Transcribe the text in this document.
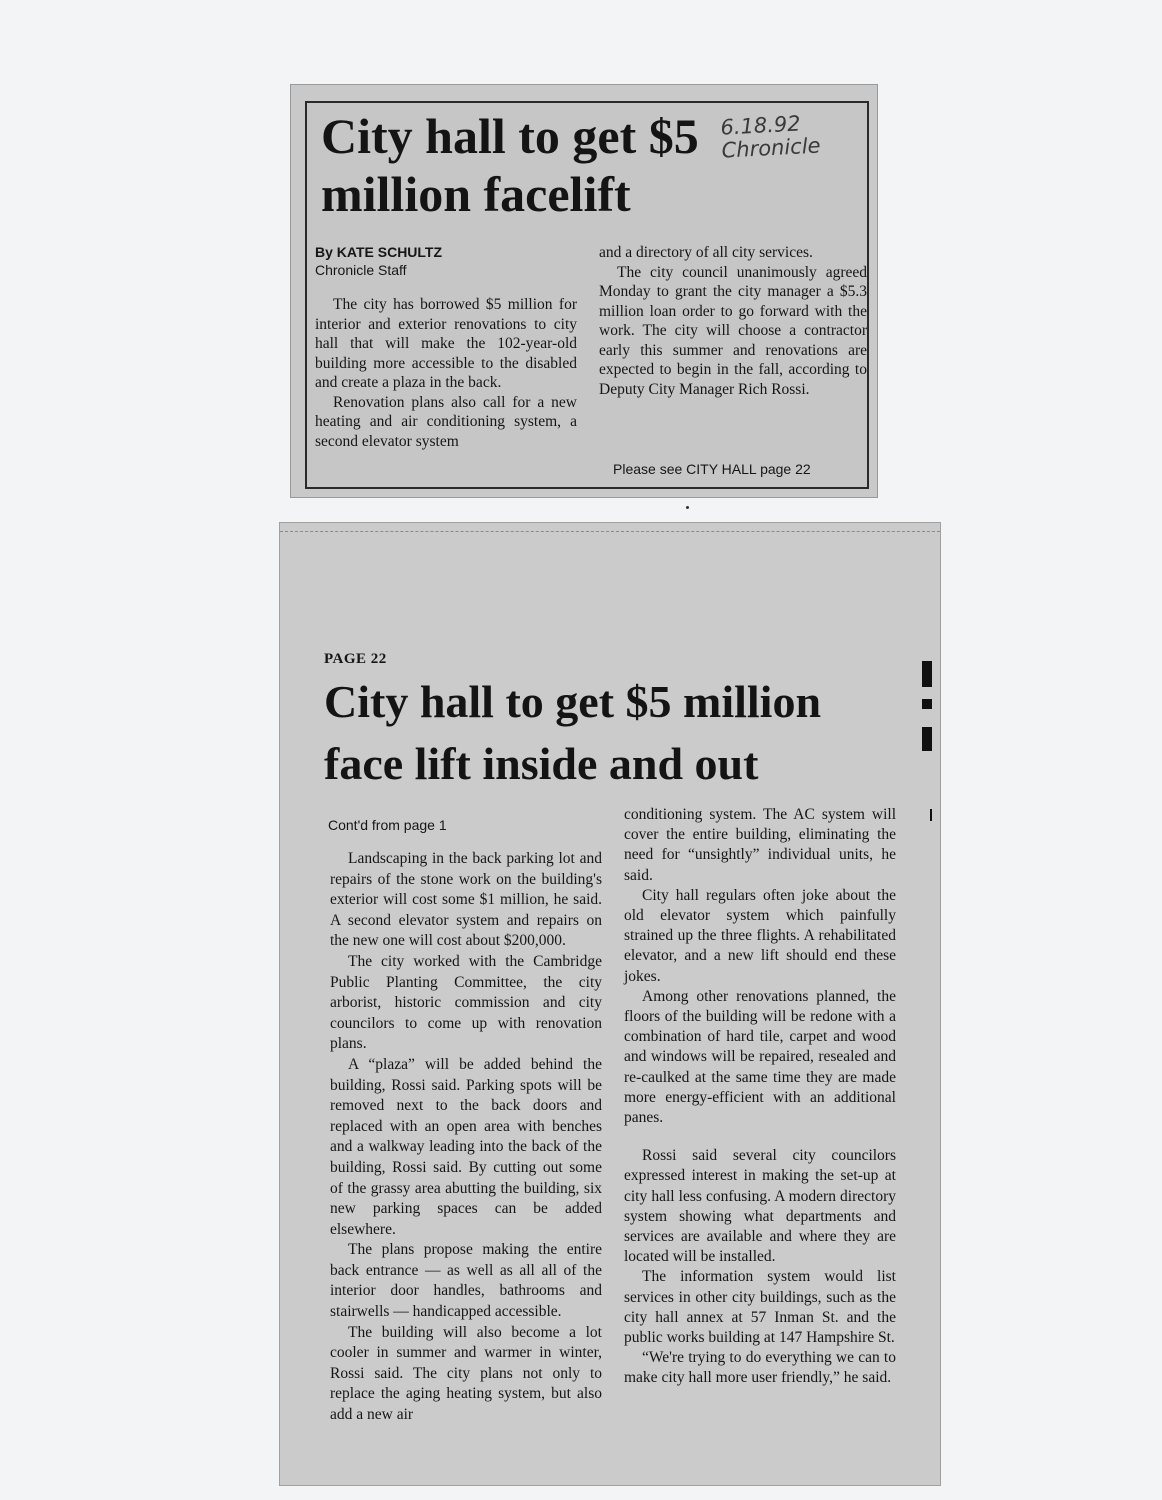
City hall to get $5 million facelift
6.18.92
Chronicle
By KATE SCHULTZ
Chronicle Staff

The city has borrowed $5 million for interior and exterior renovations to city hall that will make the 102-year-old building more accessible to the disabled and create a plaza in the back.

Renovation plans also call for a new heating and air conditioning system, a second elevator system

and a directory of all city services.

The city council unanimously agreed Monday to grant the city manager a $5.3 million loan order to go forward with the work. The city will choose a contractor early this summer and renovations are expected to begin in the fall, according to Deputy City Manager Rich Rossi.

Please see CITY HALL page 22
PAGE 22
City hall to get $5 million face lift inside and out
Cont'd from page 1

Landscaping in the back parking lot and repairs of the stone work on the building's exterior will cost some $1 million, he said. A second elevator system and repairs on the new one will cost about $200,000.

The city worked with the Cambridge Public Planting Committee, the city arborist, historic commission and city councilors to come up with renovation plans.

A “plaza” will be added behind the building, Rossi said. Parking spots will be removed next to the back doors and replaced with an open area with benches and a walkway leading into the back of the building, Rossi said. By cutting out some of the grassy area abutting the building, six new parking spaces can be added elsewhere.

The plans propose making the entire back entrance — as well as all all of the interior door handles, bathrooms and stairwells — handicapped accessible.

The building will also become a lot cooler in summer and warmer in winter, Rossi said. The city plans not only to replace the aging heating system, but also add a new air

conditioning system. The AC system will cover the entire building, eliminating the need for “unsightly” individual units, he said.

City hall regulars often joke about the old elevator system which painfully strained up the three flights. A rehabilitated elevator, and a new lift should end these jokes.

Among other renovations planned, the floors of the building will be redone with a combination of hard tile, carpet and wood and windows will be repaired, resealed and re-caulked at the same time they are made more energy-efficient with an additional panes.

Rossi said several city councilors expressed interest in making the set-up at city hall less confusing. A modern directory system showing what departments and services are available and where they are located will be installed.

The information system would list services in other city buildings, such as the city hall annex at 57 Inman St. and the public works building at 147 Hampshire St.

“We're trying to do everything we can to make city hall more user friendly,” he said.
